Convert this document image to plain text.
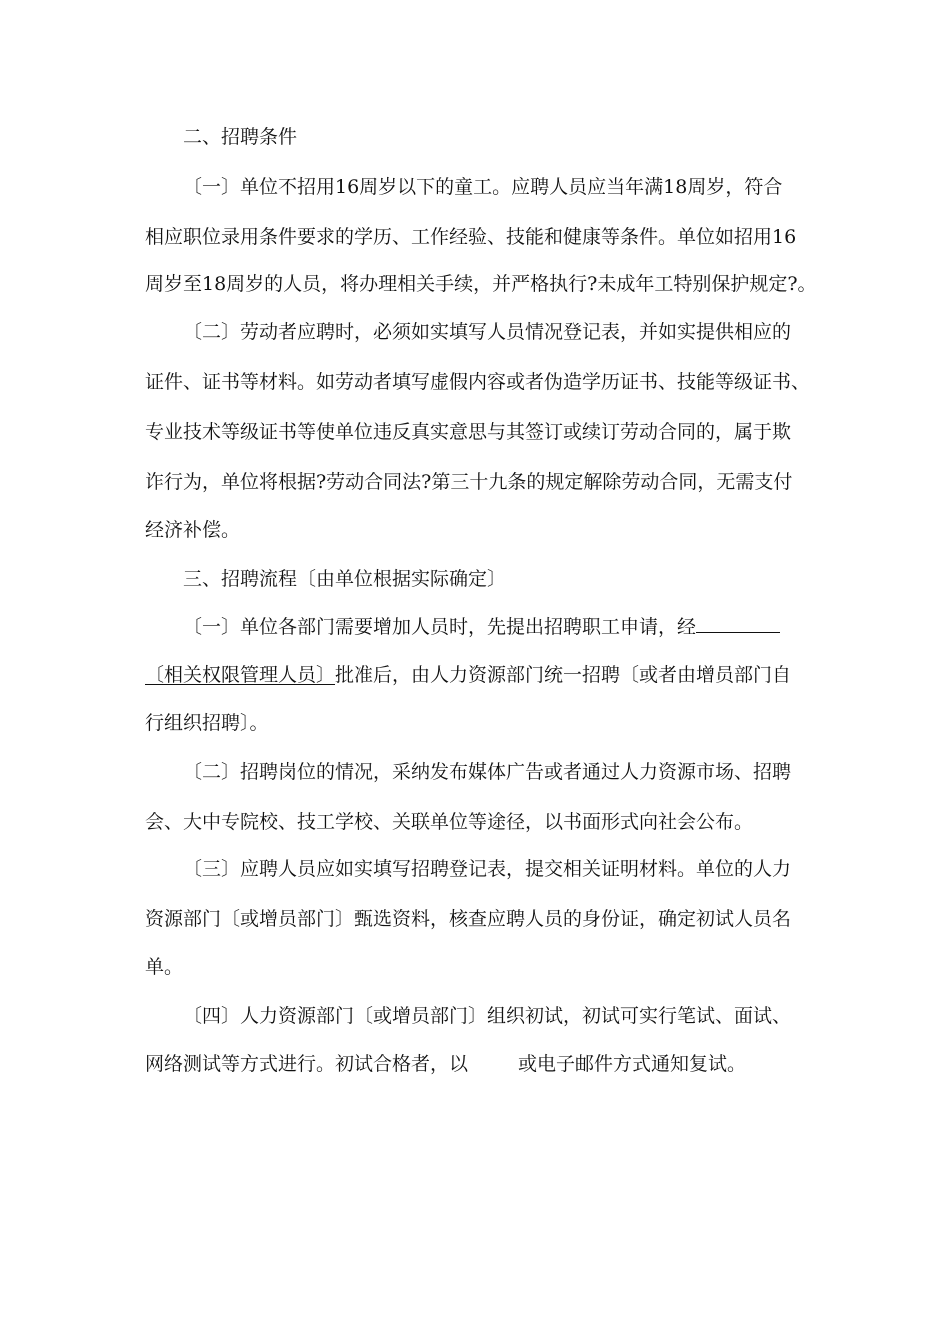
二、招聘条件
〔一〕单位不招用16周岁以下的童工。应聘人员应当年满18周岁，符合
相应职位录用条件要求的学历、工作经验、技能和健康等条件。单位如招用16
周岁至18周岁的人员，将办理相关手续，并严格执行?未成年工特别保护规定?。
〔二〕劳动者应聘时，必须如实填写人员情况登记表，并如实提供相应的
证件、证书等材料。如劳动者填写虚假内容或者伪造学历证书、技能等级证书、
专业技术等级证书等使单位违反真实意思与其签订或续订劳动合同的，属于欺
诈行为，单位将根据?劳动合同法?第三十九条的规定解除劳动合同，无需支付
经济补偿。
三、招聘流程〔由单位根据实际确定〕
〔一〕单位各部门需要增加人员时，先提出招聘职工申请，经
〔相关权限管理人员〕批准后，由人力资源部门统一招聘〔或者由增员部门自
行组织招聘〕。
〔二〕招聘岗位的情况，采纳发布媒体广告或者通过人力资源市场、招聘
会、大中专院校、技工学校、关联单位等途径，以书面形式向社会公布。
〔三〕应聘人员应如实填写招聘登记表，提交相关证明材料。单位的人力
资源部门〔或增员部门〕甄选资料，核查应聘人员的身份证，确定初试人员名
单。
〔四〕人力资源部门〔或增员部门〕组织初试，初试可实行笔试、面试、
网络测试等方式进行。初试合格者，以	或电子邮件方式通知复试。
